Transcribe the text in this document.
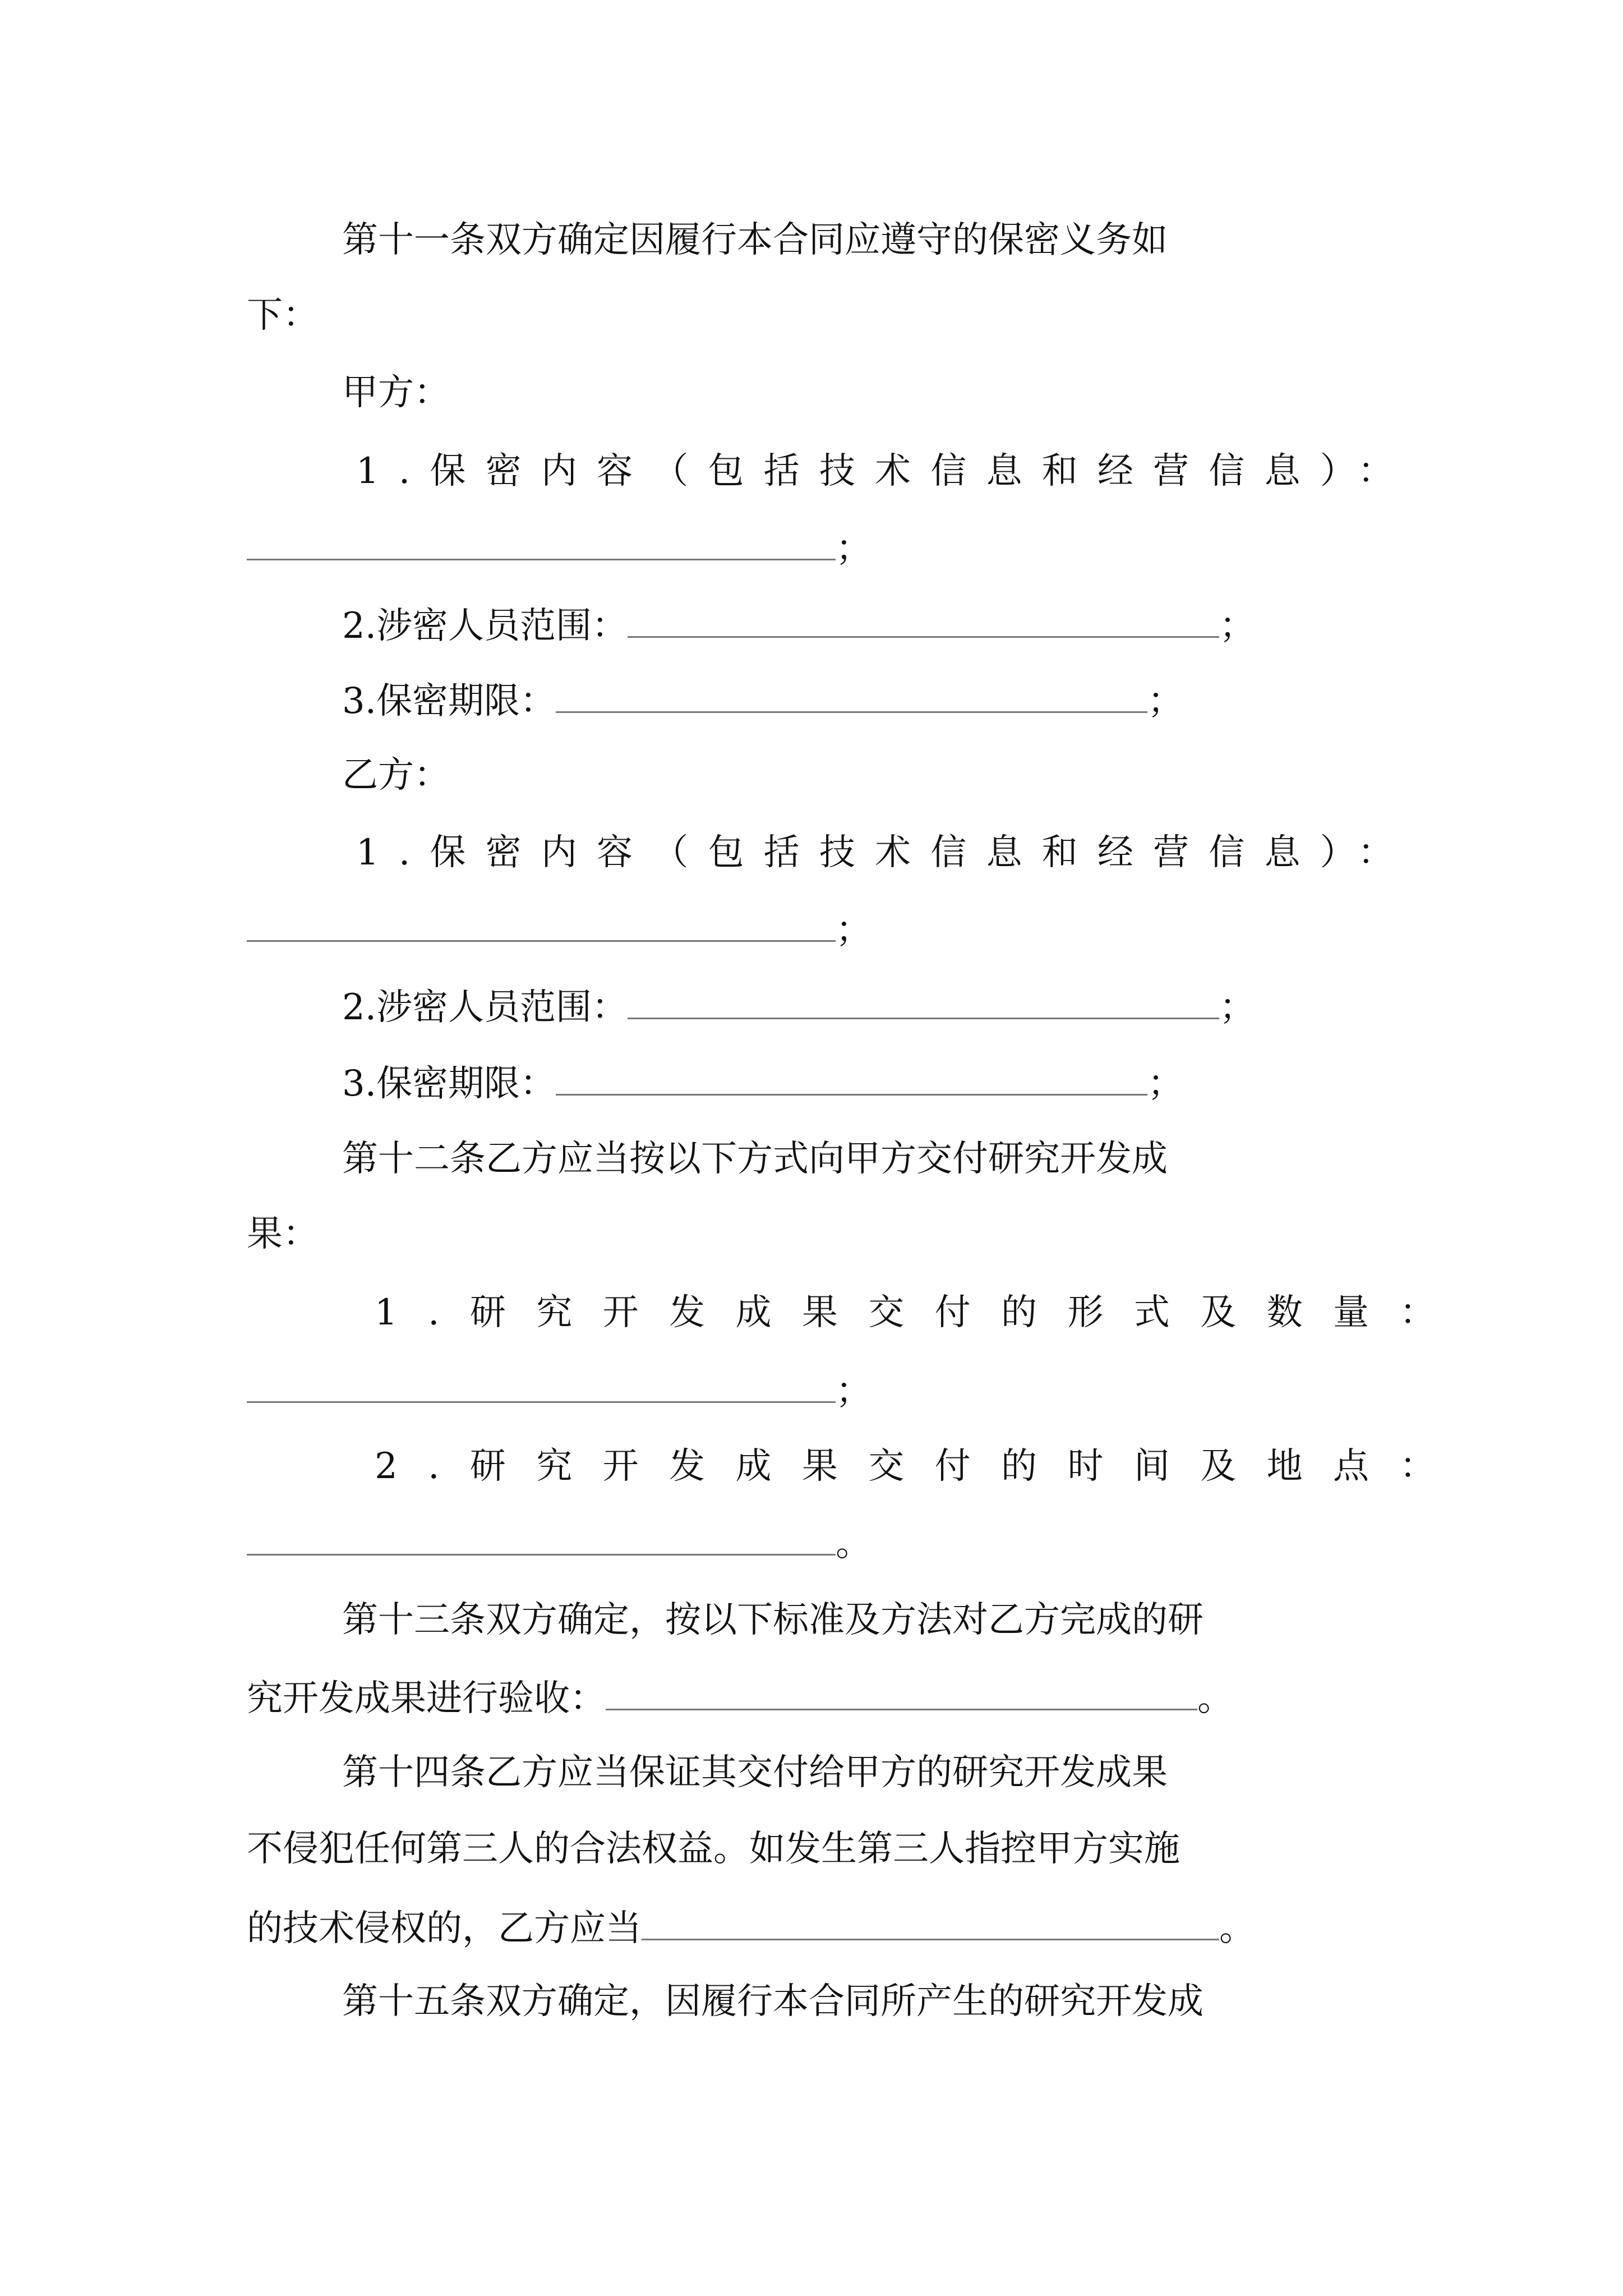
第十一条双方确定因履行本合同应遵守的保密义务如
下：
甲方：
1.保密内容（包括技术信息和经营信息）：
；
2.涉密人员范围：	；
3.保密期限：	；
乙方：
1.保密内容（包括技术信息和经营信息）：
；
2.涉密人员范围：	；
3.保密期限：	；
第十二条乙方应当按以下方式向甲方交付研究开发成
果：
1.研究开发成果交付的形式及数量：
；
2.研究开发成果交付的时间及地点：
。
第十三条双方确定，按以下标准及方法对乙方完成的研
究开发成果进行验收：	。
第十四条乙方应当保证其交付给甲方的研究开发成果
不侵犯任何第三人的合法权益。如发生第三人指控甲方实施
的技术侵权的，乙方应当	。
第十五条双方确定，因履行本合同所产生的研究开发成
